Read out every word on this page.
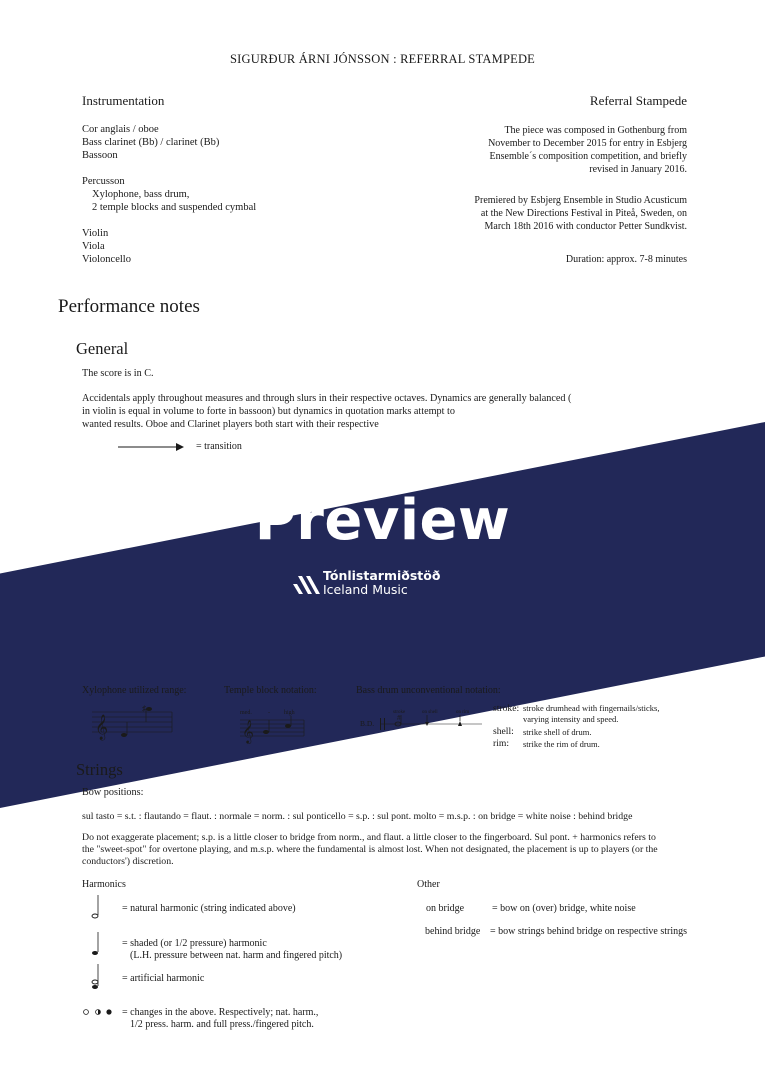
SIGURÐUR ÁRNI JÓNSSON : REFERRAL STAMPEDE
Instrumentation
Cor anglais / oboe
Bass clarinet (Bb) / clarinet (Bb)
Bassoon
Percusson
Xylophone, bass drum,
2 temple blocks and suspended cymbal
Violin
Viola
Violoncello
Referral Stampede
The piece was composed in Gothenburg from
November to December 2015 for entry in Esbjerg
Ensemble´s composition competition, and briefly
revised in January 2016.
Premiered by Esbjerg Ensemble in Studio Acusticum
at the New Directions Festival in Piteå, Sweden, on
March 18th 2016 with conductor Petter Sundkvist.
Duration: approx. 7-8 minutes
Performance notes
General
The score is in C.
Accidentals apply throughout measures and through slurs in their respective octaves. Dynamics are generally balanced (
in violin is equal in volume to forte in bassoon) but dynamics in quotation marks attempt to
wanted results. Oboe and Clarinet players both start with their respective
= transition
Preview
Tónlistarmiðstöð
Iceland Music
Xylophone utilized range:	Temple block notation:	Bass drum unconventional notation:
𝄞
♯	med.	- high
𝄞	B.D.
stroke	on shell	on rim
#
stroke: stroke drumhead with fingernails/sticks,
varying intensity and speed.
shell: strike shell of drum.
rim: strike the rim of drum.
Strings
Bow positions:
sul tasto = s.t. : flautando = flaut. : normale = norm. : sul ponticello = s.p. : sul pont. molto = m.s.p. : on bridge = white noise : behind bridge
Do not exaggerate placement; s.p. is a little closer to bridge from norm., and flaut. a little closer to the fingerboard. Sul pont. + harmonics refers to
the "sweet-spot" for overtone playing, and m.s.p. where the fundamental is almost lost. When not designated, the placement is up to players (or the
conductors') discretion.
Harmonics	Other
= natural harmonic (string indicated above)
= shaded (or 1/2 pressure) harmonic
(L.H. pressure between nat. harm and fingered pitch)
= artificial harmonic
= changes in the above. Respectively; nat. harm.,
1/2 press. harm. and full press./fingered pitch.
on bridge	= bow on (over) bridge, white noise
behind bridge = bow strings behind bridge on respective strings
